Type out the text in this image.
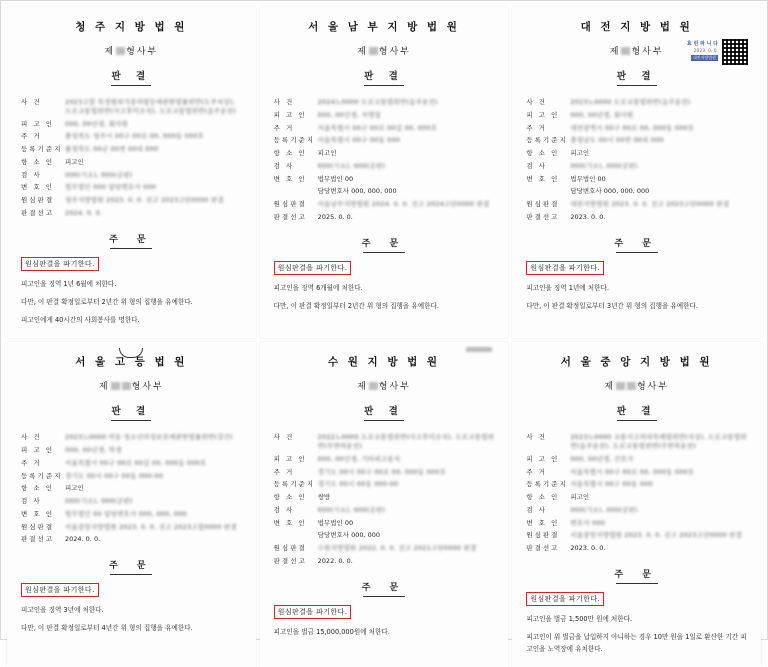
청 주 지 방 법 원
제 형사부
판 결
사 건	2023고합 특정범죄가중처벌등에관한법률위반(도주치상), 도로교통법위반(사고후미조치), 도로교통법위반(음주운전)
피 고 인	000, 00년생, 회사원
주 거	충청북도 청주시 00구 00로 00, 000동 000호
등록기준지 충청북도 00군 00면 00리 000
항 소 인	피고인
검 사	000(기소), 000(공판)
변 호 인	법무법인 000 담당변호사 000
원심판결	청주지방법원 2023. 0. 0. 선고 2023고단0000 판결
판결선고	2024. 0. 0.
주 문
원심판결을 파기한다.
피고인을 징역 1년 6월에 처한다.
다만, 이 판결 확정일로부터 2년간 위 형의 집행을 유예한다.
피고인에게 40시간의 사회봉사를 명한다.
서 울 남 부 지 방 법 원
제 형사부
판 결
사 건	2024노0000 도로교통법위반(음주운전)
피 고 인	000, 00년생, 자영업
주 거	서울특별시 00구 00로 00길 00, 000호
등록기준지 서울특별시 00구 00동 000
항 소 인	피고인
검 사	000(기소), 000(공판)
변 호 인	법무법인 00
담당변호사 000, 000, 000
원심판결	서울남부지방법원 2024. 0. 0. 선고 2024고단0000 판결
판결선고	2025. 0. 0.
주 문
원심판결을 파기한다.
피고인을 징역 6개월에 처한다.
다만, 이 판결 확정일부터 2년간 위 형의 집행을 유예한다.
효 린 파 니 다
2023. 0. 0.
대전지방법원
대 전 지 방 법 원
제 형사부
판 결
사 건	2023노0000 도로교통법위반(음주운전)
피 고 인	000, 00년생, 회사원
주 거	대전광역시 00구 00로 00, 000동 000호
등록기준지 충청남도 00시 00면 00리 000
항 소 인	피고인
검 사	000(기소), 000(공판)
변 호 인	법무법인 00
담당변호사 000, 000, 000
원심판결	대전지방법원 2023. 0. 0. 선고 2023고단0000 판결
판결선고	2023. 0. 0.
주 문
원심판결을 파기한다.
피고인을 징역 1년에 처한다.
다만, 이 판결 확정일로부터 3년간 위 형의 집행을 유예한다.
서 울 고 등 법 원
제 형사부
판 결
사 건	2023노0000 아동·청소년의성보호에관한법률위반(강간)
피 고 인	000, 00년생, 학생
주 거	서울특별시 00구 00로 00길 00, 000동 000호
등록기준지 경기도 00시 00구 00동 000-00
항 소 인	피고인
검 사	000(기소), 000(공판)
변 호 인	법무법인 00 담당변호사 000, 000, 000
원심판결	서울중앙지방법원 2023. 0. 0. 선고 2023고합0000 판결
판결선고	2024. 0. 0.
주 문
원심판결을 파기한다.
피고인을 징역 3년에 처한다.
다만, 이 판결 확정일로부터 4년간 위 형의 집행을 유예한다.
수 원 지 방 법 원
제 형사부
판 결
사 건	2022노0000 도로교통법위반(사고후미조치), 도로교통법위반(무면허운전)
피 고 인	000, 00년생, 기타피고용자
주 거	경기도 00시 00구 00로 00, 000동 000호
등록기준지 경기도 00시 00동 000-00
항 소 인	쌍방
검 사	000(기소), 000(공판)
변 호 인	법무법인 00
담당변호사 000, 000
원심판결	수원지방법원 2022. 0. 0. 선고 2021고단0000 판결
판결선고	2022. 0. 0.
주 문
원심판결을 파기한다.
피고인을 벌금 15,000,000원에 처한다.
서 울 중 앙 지 방 법 원
제 형사부
판 결
사 건	2023노0000 교통사고처리특례법위반(치상), 도로교통법위반(음주운전), 도로교통법위반(무면허운전)
피 고 인	000, 00년생, 간호사
주 거	서울특별시 00구 00로 00, 000동 000호
등록기준지 서울특별시 00구 00동 000
항 소 인	피고인
검 사	000(기소), 000(공판)
변 호 인	변호사 000
원심판결	서울중앙지방법원 2023. 0. 0. 선고 2023고단0000 판결
판결선고	2023. 0. 0.
주 문
원심판결을 파기한다.
피고인을 벌금 1,500만 원에 처한다.
피고인이 위 벌금을 납입하지 아니하는 경우 10만 원을 1일로 환산한 기간 피고인을 노역장에 유치한다.
